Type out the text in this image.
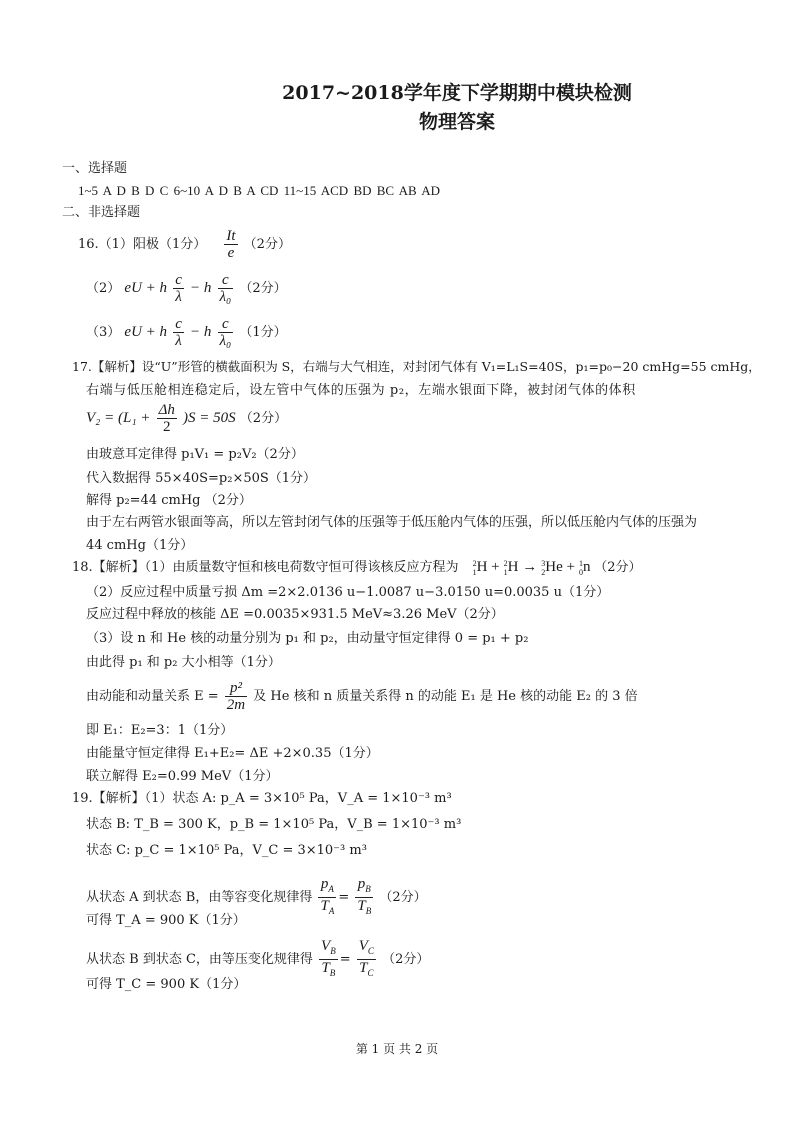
2017~2018学年度下学期期中模块检测
物理答案
一、选择题
1~5 A D B D C 6~10 A D B A CD 11~15 ACD BD BC AB AD
二、非选择题
16.（1）阳极（1分） $\frac{It}{e} (2$分）
（2） eU + h $\frac{c}{\lambda} - h \frac{c}{\text{λ₀}} (2$分）
（3） eU + h $\frac{c}{\lambda} - h \frac{c}{\text{λ₀}} (1$分）
17.【解析】设“U”形管的横截面积为 S，右端与大气相连，对封闭气体有 V₁=L₁S=40S，p₁=p₀−20 cmHg=55 cmHg，
右端与低压舱相连稳定后，设左管中气体的压强为 p₂，左端水银面下降，被封闭气体的体积
$V_2 = (L_1 + \frac{\Delta h}{2} )S = 50S$ （2分）
由玻意耳定律得 p₁V₁ = p₂V₂（2分）
代入数据得 55×40S=p₂×50S（1分）
解得 p₂=44 cmHg （2分）
由于左右两管水银面等高，所以左管封闭气体的压强等于低压舱内气体的压强，所以低压舱内气体的压强为
44 cmHg（1分）
18.【解析】（1）由质量数守恒和核电荷数守恒可得该核反应方程为 2
1 H + 2
1 H → 3
2 He + 1
0 n （2分）
（2）反应过程中质量亏损 Δm =2×2.0136 u−1.0087 u−3.0150 u=0.0035 u（1分）
反应过程中释放的核能 ΔE =0.0035×931.5 MeV≈3.26 MeV（2分）
（3）设 n 和 He 核的动量分别为 p₁ 和 p₂，由动量守恒定律得 0 = p₁ + p₂
由此得 p₁ 和 p₂ 大小相等（1分）
由动能和动量关系 $E = \frac{\text{p²}}{2m}$ 及 He 核和 n 质量关系得 n 的动能 E₁ 是 He 核的动能 E₂ 的 3 倍
即 E₁：E₂=3：1（1分）
由能量守恒定律得 E₁+E₂= ΔE +2×0.35（1分）
联立解得 E₂=0.99 MeV（1分）
19.【解析】（1）状态 A: p_A = 3×10⁵ Pa，V_A = 1×10⁻³ m³
状态 B: T_B = 300 K，p_B = 1×10⁵ Pa，V_B = 1×10⁻³ m³
状态 C: p_C = 1×10⁵ Pa，V_C = 3×10⁻³ m³
从状态 A 到状态 B，由等容变化规律得 $\frac{p_A}{T_A} = \frac{p_B}{T_B} (2$分）
可得 T_A = 900 K（1分）
从状态 B 到状态 C，由等压变化规律得 $\frac{V_B}{T_B} = \frac{V_C}{T_C} (2$分）
可得 T_C = 900 K（1分）
第 1 页 共 2 页
